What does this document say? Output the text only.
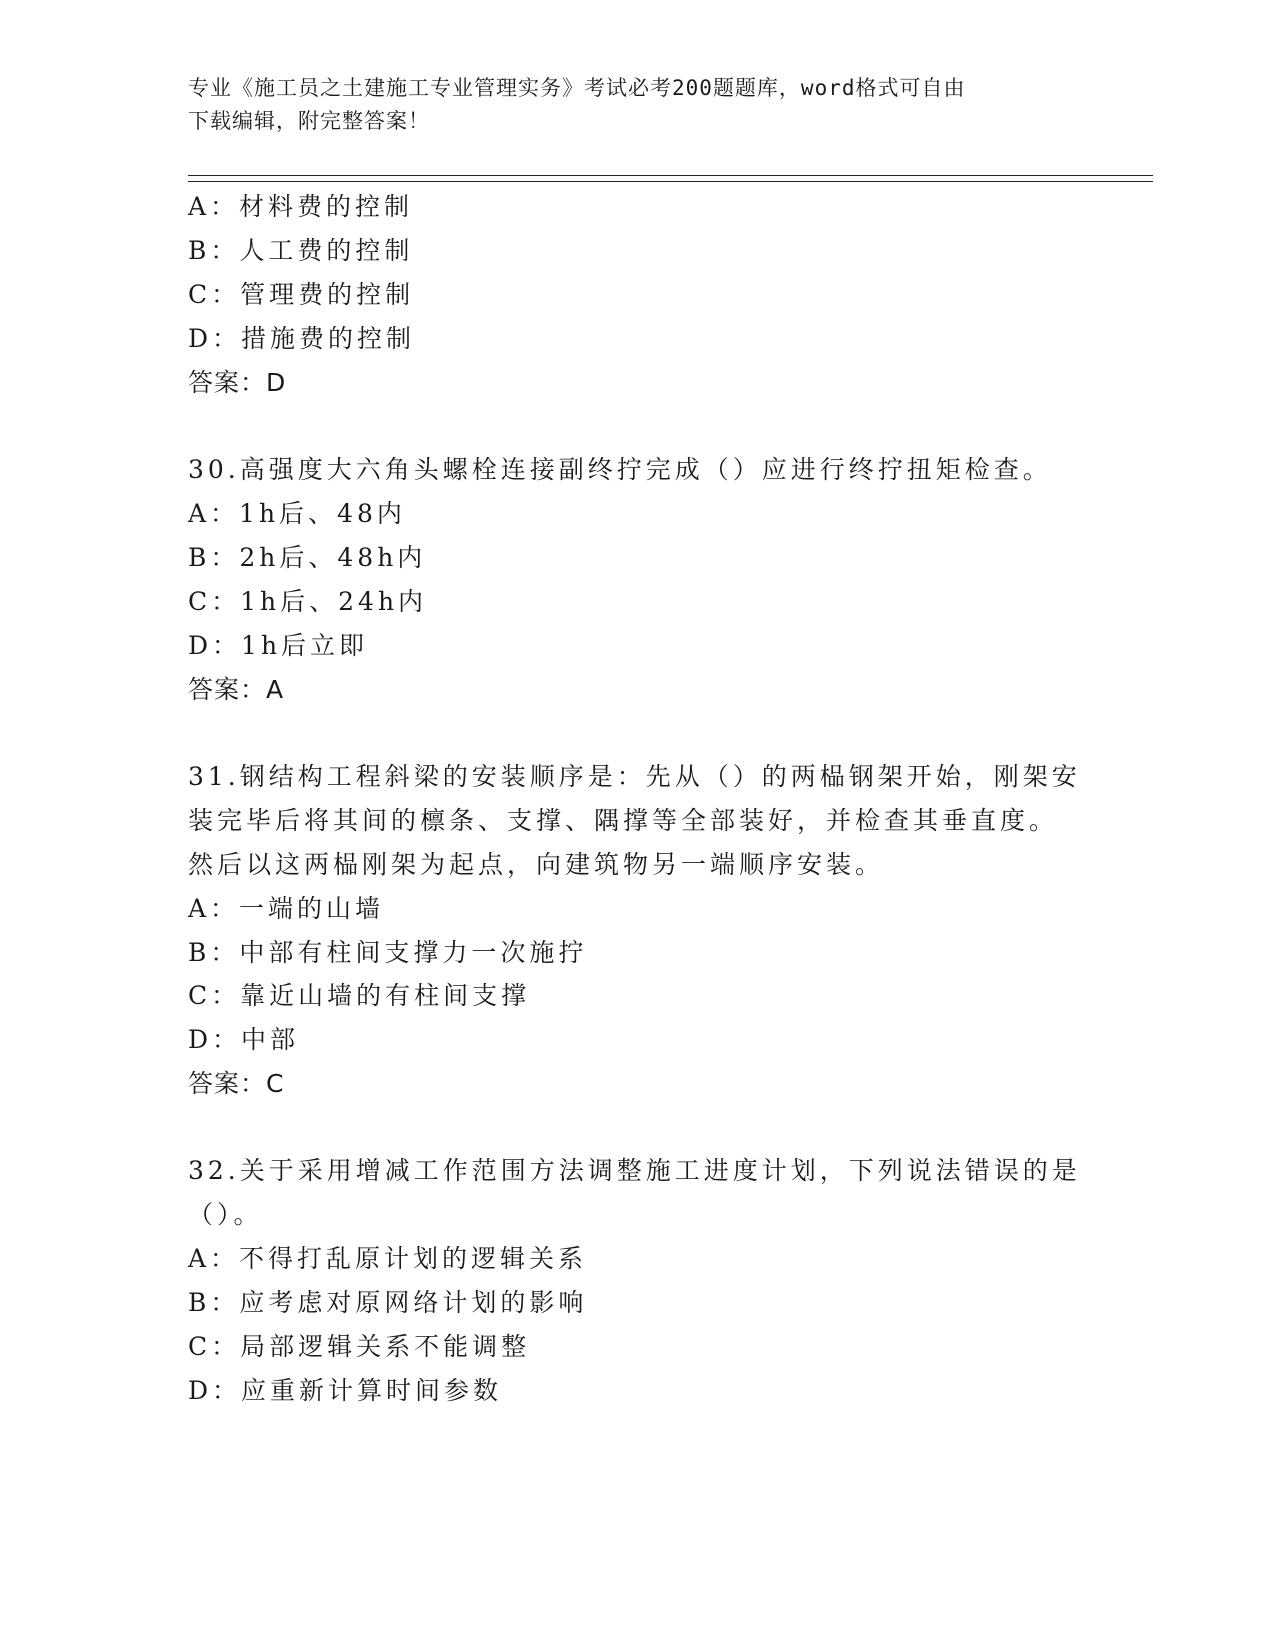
专业《施工员之土建施工专业管理实务》考试必考200题题库，word格式可自由
下载编辑，附完整答案！
A：材料费的控制
B：人工费的控制
C：管理费的控制
D：措施费的控制
答案：D
30.高强度大六角头螺栓连接副终拧完成（）应进行终拧扭矩检查。
A：1h后、48内
B：2h后、48h内
C：1h后、24h内
D：1h后立即
答案：A
31.钢结构工程斜梁的安装顺序是：先从（）的两榀钢架开始，刚架安
装完毕后将其间的檩条、支撑、隅撑等全部装好，并检查其垂直度。
然后以这两榀刚架为起点，向建筑物另一端顺序安装。
A：一端的山墙
B：中部有柱间支撑力一次施拧
C：靠近山墙的有柱间支撑
D：中部
答案：C
32.关于采用增减工作范围方法调整施工进度计划，下列说法错误的是
（）。
A：不得打乱原计划的逻辑关系
B：应考虑对原网络计划的影响
C：局部逻辑关系不能调整
D：应重新计算时间参数
